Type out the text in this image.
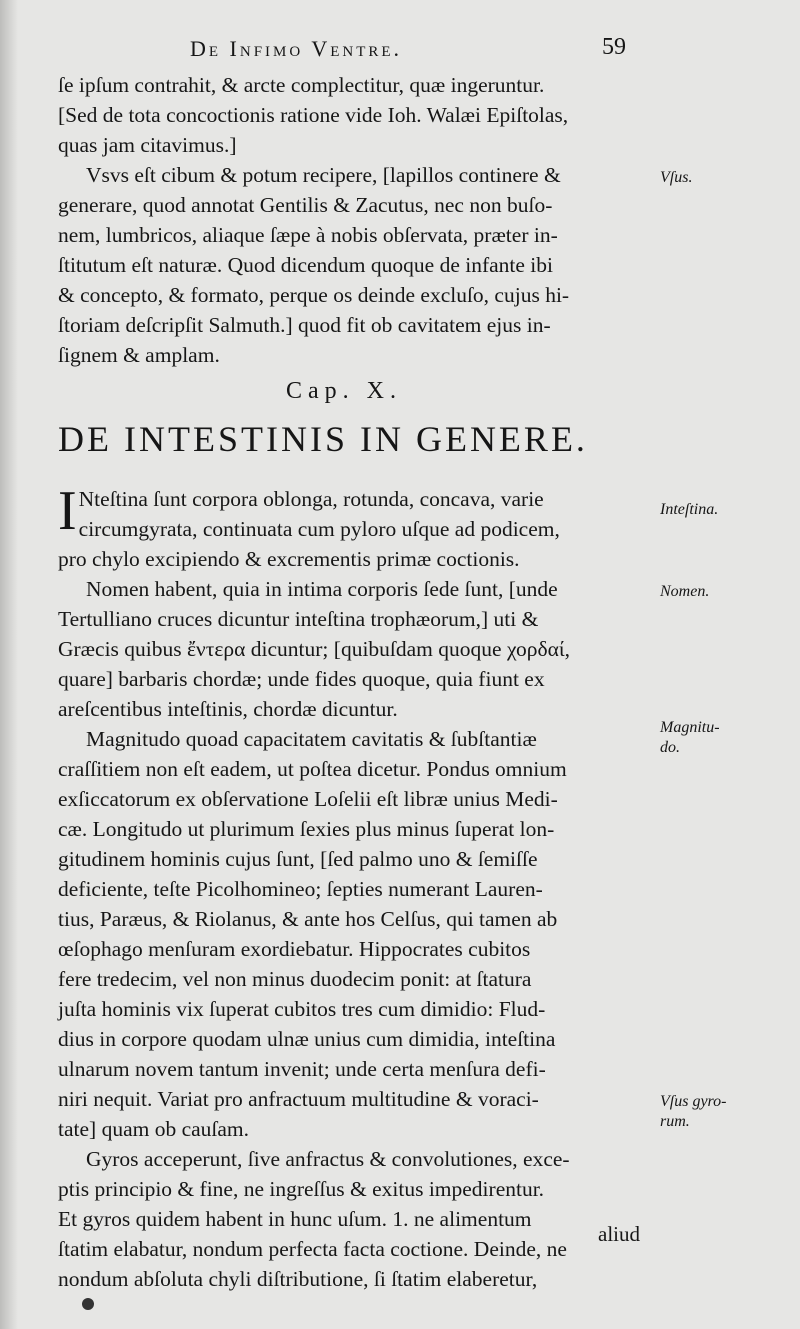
De Infimo Ventre.	59

ſe ipſum contrahit, & arcte complectitur, quæ ingeruntur.
[Sed de tota concoctionis ratione vide Ioh. Walæi Epiſtolas,
quas jam citavimus.]

Vsvs eſt cibum & potum recipere, [lapillos continere &
generare, quod annotat Gentilis & Zacutus, nec non buſo-
nem, lumbricos, aliaque ſæpe à nobis obſervata, præter in-
ſtitutum eſt naturæ. Quod dicendum quoque de infante ibi
& concepto, & formato, perque os deinde excluſo, cujus hi-
ſtoriam deſcripſit Salmuth.] quod fit ob cavitatem ejus in-
ſignem & amplam.

Vſus.
Cap. X.
DE INTESTINIS IN GENERE.

I Nteſtina ſunt corpora oblonga, rotunda, concava, varie
circumgyrata, continuata cum pyloro uſque ad podicem,
pro chylo excipiendo & excrementis primæ coctionis.

Nomen habent, quia in intima corporis ſede ſunt, [unde
Tertulliano cruces dicuntur inteſtina trophæorum,] uti &
Græcis quibus ἔντερα dicuntur; [quibuſdam quoque χορδαί,
quare] barbaris chordæ; unde fides quoque, quia fiunt ex
areſcentibus inteſtinis, chordæ dicuntur.

Magnitudo quoad capacitatem cavitatis & ſubſtantiæ
craſſitiem non eſt eadem, ut poſtea dicetur. Pondus omnium
exſiccatorum ex obſervatione Loſelii eſt libræ unius Medi-
cæ. Longitudo ut plurimum ſexies plus minus ſuperat lon-
gitudinem hominis cujus ſunt, [ſed palmo uno & ſemiſſe
deficiente, teſte Picolhomineo; ſepties numerant Lauren-
tius, Paræus, & Riolanus, & ante hos Celſus, qui tamen ab
œſophago menſuram exordiebatur. Hippocrates cubitos
fere tredecim, vel non minus duodecim ponit: at ſtatura
juſta hominis vix ſuperat cubitos tres cum dimidio: Flud-
dius in corpore quodam ulnæ unius cum dimidia, inteſtina
ulnarum novem tantum invenit; unde certa menſura defi-
niri nequit. Variat pro anfractuum multitudine & voraci-
tate] quam ob cauſam.

Gyros acceperunt, ſive anfractus & convolutiones, exce-
ptis principio & fine, ne ingreſſus & exitus impedirentur.
Et gyros quidem habent in hunc uſum. 1. ne alimentum
ſtatim elabatur, nondum perfecta facta coctione. Deinde, ne
nondum abſoluta chyli diſtributione, ſi ſtatim elaberetur,

Inteſtina.
Nomen.
Magnitu-
do.
Vſus gyro-
rum.
aliud
